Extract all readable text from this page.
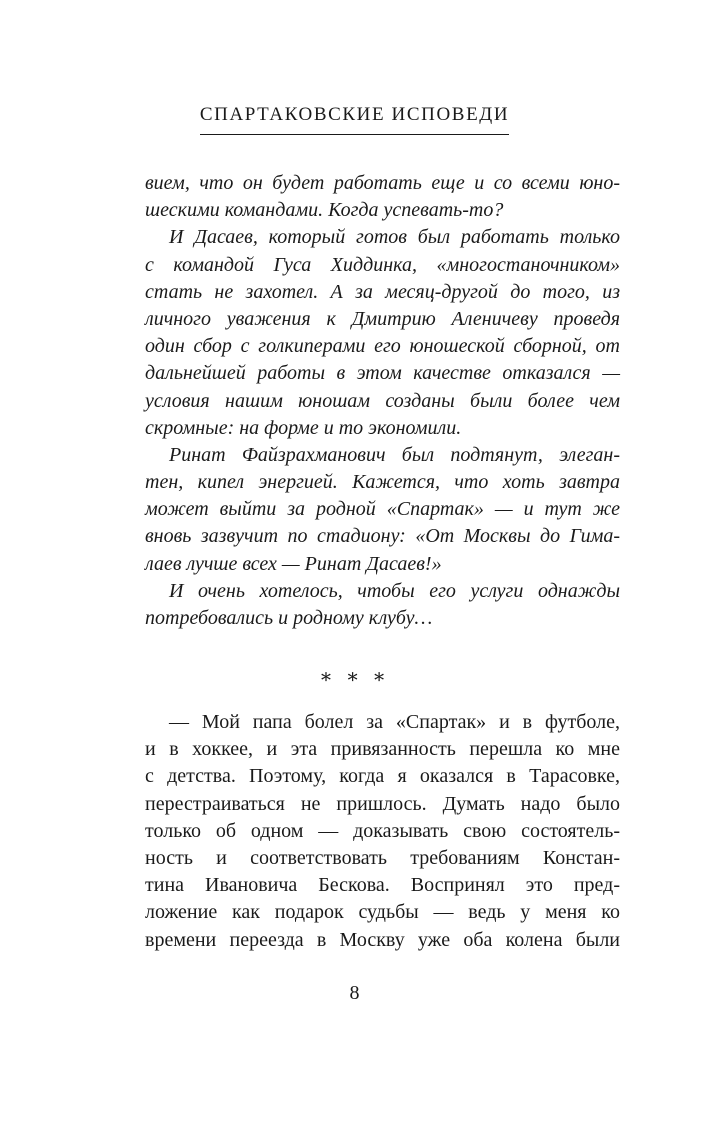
СПАРТАКОВСКИЕ ИСПОВЕДИ
вием, что он будет работать еще и со всеми юно-
шескими командами. Когда успевать-то?
И Дасаев, который готов был работать только
с командой Гуса Хиддинка, «многостаночником»
стать не захотел. А за месяц-другой до того, из
личного уважения к Дмитрию Аленичеву проведя
один сбор с голкиперами его юношеской сборной, от
дальнейшей работы в этом качестве отказался —
условия нашим юношам созданы были более чем
скромные: на форме и то экономили.
Ринат Файзрахманович был подтянут, элеган-
тен, кипел энергией. Кажется, что хоть завтра
может выйти за родной «Спартак» — и тут же
вновь зазвучит по стадиону: «От Москвы до Гима-
лаев лучше всех — Ринат Дасаев!»
И очень хотелось, чтобы его услуги однажды
потребовались и родному клубу…
∗ ∗ ∗
— Мой папа болел за «Спартак» и в футболе,
и в хоккее, и эта привязанность перешла ко мне
с детства. Поэтому, когда я оказался в Тарасовке,
перестраиваться не пришлось. Думать надо было
только об одном — доказывать свою состоятель-
ность и соответствовать требованиям Констан-
тина Ивановича Бескова. Воспринял это пред-
ложение как подарок судьбы — ведь у меня ко
времени переезда в Москву уже оба колена были
8
